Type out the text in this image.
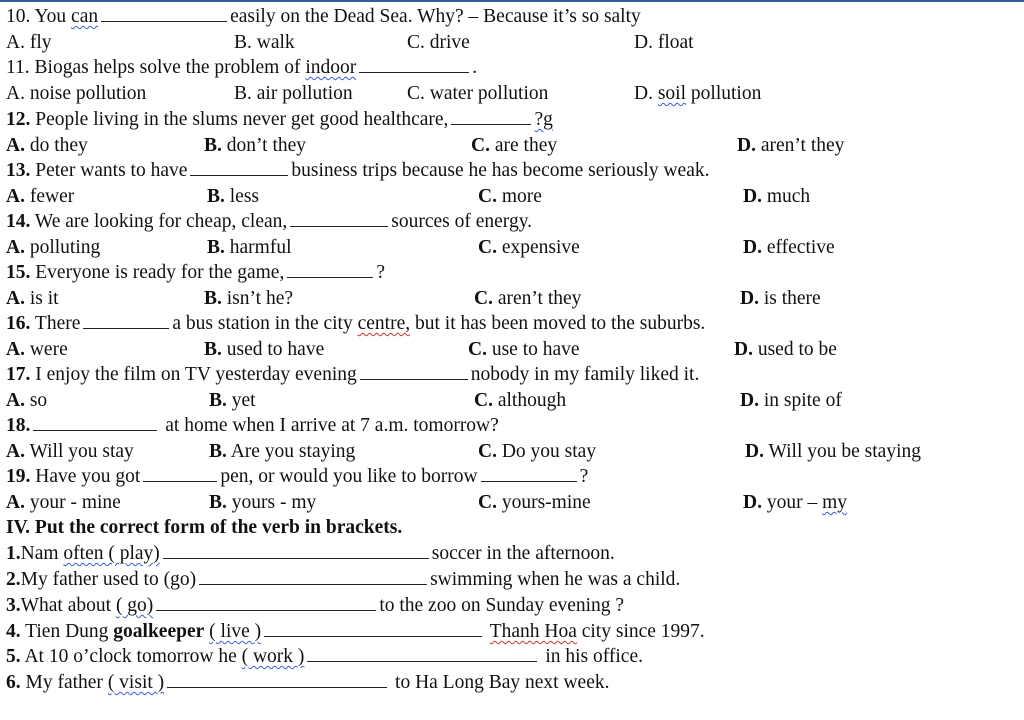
10. You can	easily on the Dead Sea. Why? – Because it’s so salty
A. fly	B. walk	C. drive	D. float
11. Biogas helps solve the problem of indoor	.
A. noise pollution	B. air pollution	C. water pollution	D. soil pollution
12. People living in the slums never get good healthcare,	?g
A. do they	B. don’t they	C. are they	D. aren’t they
13. Peter wants to have	business trips because he has become seriously weak.
A. fewer	B. less	C. more	D. much
14. We are looking for cheap, clean,	sources of energy.
A. polluting	B. harmful	C. expensive	D. effective
15. Everyone is ready for the game,	?
A. is it	B. isn’t he?	C. aren’t they	D. is there
16. There	a bus station in the city centre, but it has been moved to the suburbs.
A. were	B. used to have	C. use to have	D. used to be
17. I enjoy the film on TV yesterday evening	nobody in my family liked it.
A. so	B. yet	C. although	D. in spite of
18.	at home when I arrive at 7 a.m. tomorrow?
A. Will you stay	B. Are you staying	C. Do you stay	D. Will you be staying
19. Have you got	pen, or would you like to borrow	?
A. your - mine	B. yours - my	C. yours-mine	D. your – my
IV. Put the correct form of the verb in brackets.
1.Nam often ( play)	soccer in the afternoon.
2.My father used to (go)	swimming when he was a child.
3.What about ( go)	to the zoo on Sunday evening ?
4. Tien Dung goalkeeper ( live )	Thanh Hoa city since 1997.
5. At 10 o’clock tomorrow he ( work )	in his office.
6. My father ( visit )	to Ha Long Bay next week.
